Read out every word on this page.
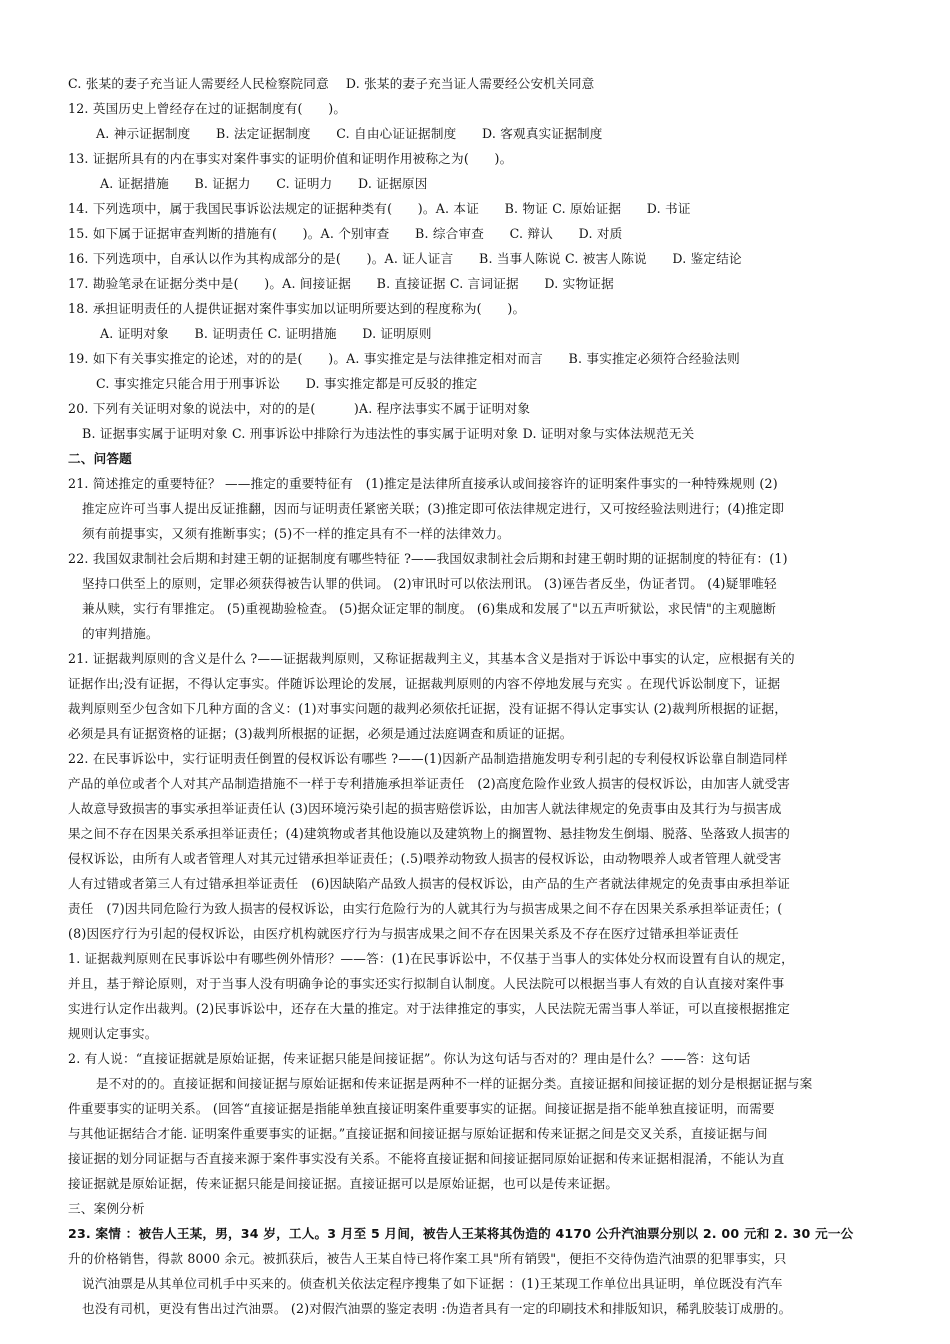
C. 张某的妻子充当证人需要经人民检察院同意　 D. 张某的妻子充当证人需要经公安机关同意
12. 英国历史上曾经存在过的证据制度有(　　)。
A. 神示证据制度　　B. 法定证据制度　　C. 自由心证证据制度　　D. 客观真实证据制度
13. 证据所具有的内在事实对案件事实的证明价值和证明作用被称之为(　　)。
A. 证据措施　　B. 证据力　　C. 证明力　　D. 证据原因
14. 下列选项中，属于我国民事诉讼法规定的证据种类有(　　)。A. 本证　　B. 物证 C. 原始证据　　D. 书证
15. 如下属于证据审查判断的措施有(　　)。A. 个别审查　　B. 综合审查　　C. 辩认　　D. 对质
16. 下列选项中，自承认以作为其构成部分的是(　　)。A. 证人证言　　B. 当事人陈说 C. 被害人陈说　　D. 鉴定结论
17. 勘验笔录在证据分类中是(　　)。A. 间接证据　　B. 直接证据 C. 言词证据　　D. 实物证据
18. 承担证明责任的人提供证据对案件事实加以证明所要达到的程度称为(　　)。
A. 证明对象　　B. 证明责任 C. 证明措施　　D. 证明原则
19. 如下有关事实推定的论述，对的的是(　　)。A. 事实推定是与法律推定相对而言　　B. 事实推定必须符合经验法则
C. 事实推定只能合用于刑事诉讼　　D. 事实推定都是可反驳的推定
20. 下列有关证明对象的说法中，对的的是(　　　)A. 程序法事实不属于证明对象
B. 证据事实属于证明对象 C. 刑事诉讼中排除行为违法性的事实属于证明对象 D. 证明对象与实体法规范无关
二、问答题
21. 简述推定的重要特征？ ——推定的重要特征有　(1)推定是法律所直接承认或间接容许的证明案件事实的一种特殊规则 (2)
推定应许可当事人提出反证推翻，因而与证明责任紧密关联；(3)推定即可依法律规定进行，又可按经验法则进行；(4)推定即
须有前提事实，又须有推断事实；(5)不一样的推定具有不一样的法律效力。
22. 我国奴隶制社会后期和封建王朝的证据制度有哪些特征 ?——我国奴隶制社会后期和封建王朝时期的证据制度的特征有：(1)
坚持口供至上的原则，定罪必须获得被告认罪的供词。 (2)审讯时可以依法刑讯。 (3)诬告者反坐，伪证者罚。 (4)疑罪唯轻
兼从赎，实行有罪推定。 (5)重视勘验检查。 (5)据众证定罪的制度。 (6)集成和发展了"以五声听狱讼，求民情"的主观臆断
的审判措施。
21. 证据裁判原则的含义是什么 ?——证据裁判原则，又称证据裁判主义，其基本含义是指对于诉讼中事实的认定，应根据有关的
证据作出;没有证据，不得认定事实。伴随诉讼理论的发展，证据裁判原则的内容不停地发展与充实 。在现代诉讼制度下，证据
裁判原则至少包含如下几种方面的含义：(1)对事实问题的裁判必须依托证据，没有证据不得认定事实认 (2)裁判所根据的证据，
必须是具有证据资格的证据；(3)裁判所根据的证据，必须是通过法庭调查和质证的证据。
22. 在民事诉讼中，实行证明责任倒置的侵权诉讼有哪些 ?——(1)因新产品制造措施发明专利引起的专利侵权诉讼靠自制造同样
产品的单位或者个人对其产品制造措施不一样于专利措施承担举证责任　(2)高度危险作业致人损害的侵权诉讼，由加害人就受害
人故意导致损害的事实承担举证责任认 (3)因环境污染引起的损害赔偿诉讼，由加害人就法律规定的免责事由及其行为与损害成
果之间不存在因果关系承担举证责任；(4)建筑物或者其他设施以及建筑物上的搁置物、悬挂物发生倒塌、脱落、坠落致人损害的
侵权诉讼，由所有人或者管理人对其元过错承担举证责任；(.5)喂养动物致人损害的侵权诉讼，由动物喂养人或者管理人就受害
人有过错或者第三人有过错承担举证责任　(6)因缺陷产品致人损害的侵权诉讼，由产品的生产者就法律规定的免责事由承担举证
责任　(7)因共同危险行为致人损害的侵权诉讼，由实行危险行为的人就其行为与损害成果之间不存在因果关系承担举证责任；(
(8)因医疗行为引起的侵权诉讼，由医疗机构就医疗行为与损害成果之间不存在因果关系及不存在医疗过错承担举证责任
1. 证据裁判原则在民事诉讼中有哪些例外情形？——答：(1)在民事诉讼中，不仅基于当事人的实体处分权而设置有自认的规定，
并且，基于辩论原则，对于当事人没有明确争论的事实还实行拟制自认制度。人民法院可以根据当事人有效的自认直接对案件事
实进行认定作出裁判。(2)民事诉讼中，还存在大量的推定。对于法律推定的事实，人民法院无需当事人举证，可以直接根据推定
规则认定事实。
2. 有人说：“直接证据就是原始证据，传来证据只能是间接证据”。你认为这句话与否对的？理由是什么？——答：这句话
是不对的的。直接证据和间接证据与原始证据和传来证据是两种不一样的证据分类。直接证据和间接证据的划分是根据证据与案
件重要事实的证明关系。 (回答“直接证据是指能单独直接证明案件重要事实的证据。间接证据是指不能单独直接证明，而需要
与其他证据结合才能. 证明案件重要事实的证据。”直接证据和间接证据与原始证据和传来证据之间是交叉关系，直接证据与间
接证据的划分同证据与否直接来源于案件事实没有关系。不能将直接证据和间接证据同原始证据和传来证据相混淆，不能认为直
接证据就是原始证据，传来证据只能是间接证据。直接证据可以是原始证据，也可以是传来证据。
三、案例分析
23. 案情 ：被告人王某，男，34 岁，工人。3 月至 5 月间，被告人王某将其伪造的 4170 公升汽油票分别以 2. 00 元和 2. 30 元一公
升的价格销售，得款 8000 余元。被抓获后，被告人王某自恃已将作案工具"所有销毁"，便拒不交待伪造汽油票的犯罪事实，只
说汽油票是从其单位司机手中买来的。侦查机关依法定程序搜集了如下证据 ：(1)王某现工作单位出具证明，单位既没有汽车
也没有司机，更没有售出过汽油票。 (2)对假汽油票的鉴定表明 :伪造者具有一定的印刷技术和排版知识，稀乳胶装订成册的。
